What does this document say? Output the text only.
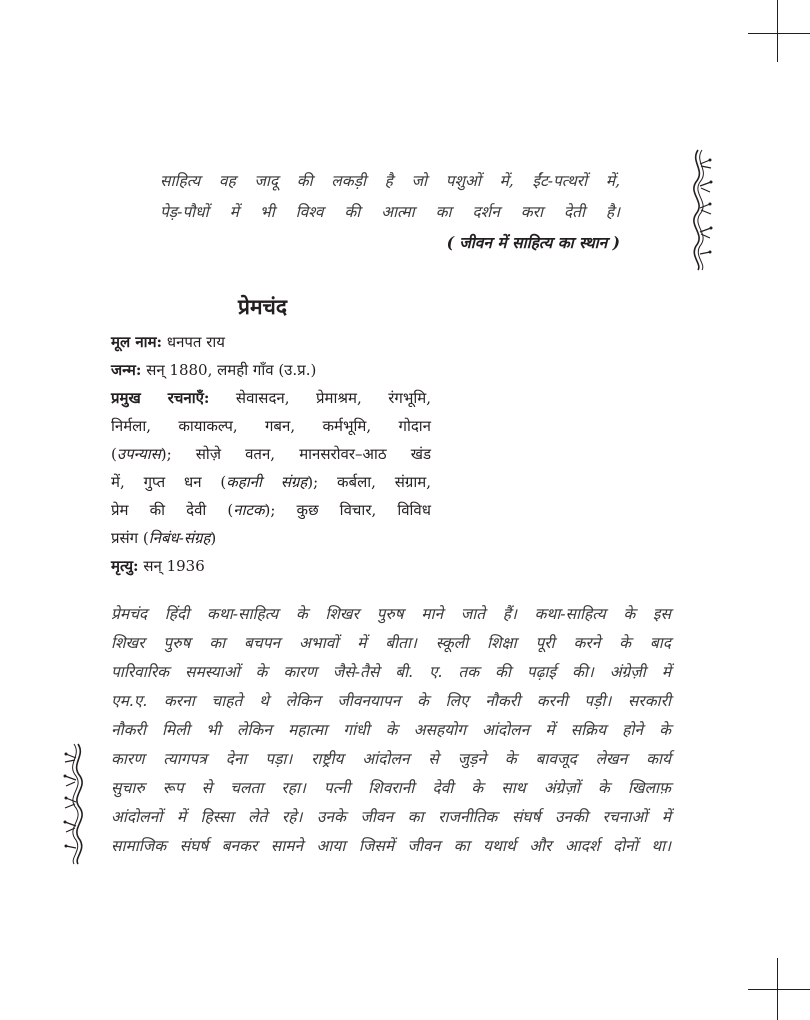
साहित्य वह जादू की लकड़ी है जो पशुओं में, ईंट-पत्थरों में,
पेड़-पौधों में भी विश्व की आत्मा का दर्शन करा देती है।
( जीवन में साहित्य का स्थान )
प्रेमचंद
मूल नाम: धनपत राय
जन्म: सन् 1880, लमही गाँव (उ.प्र.)
प्रमुख रचनाएँ: सेवासदन, प्रेमाश्रम, रंगभूमि,
निर्मला, कायाकल्प, गबन, कर्मभूमि, गोदान
(उपन्यास); सोज़े वतन, मानसरोवर–आठ खंड
में, गुप्त धन (कहानी संग्रह); कर्बला, संग्राम,
प्रेम की देवी (नाटक); कुछ विचार, विविध
प्रसंग (निबंध-संग्रह)
मृत्यु: सन् 1936
प्रेमचंद हिंदी कथा-साहित्य के शिखर पुरुष माने जाते हैं। कथा-साहित्य के इस
शिखर पुरुष का बचपन अभावों में बीता। स्कूली शिक्षा पूरी करने के बाद
पारिवारिक समस्याओं के कारण जैसे-तैसे बी. ए. तक की पढ़ाई की। अंग्रेज़ी में
एम.ए. करना चाहते थे लेकिन जीवनयापन के लिए नौकरी करनी पड़ी। सरकारी
नौकरी मिली भी लेकिन महात्मा गांधी के असहयोग आंदोलन में सक्रिय होने के
कारण त्यागपत्र देना पड़ा। राष्ट्रीय आंदोलन से जुड़ने के बावजूद लेखन कार्य
सुचारु रूप से चलता रहा। पत्नी शिवरानी देवी के साथ अंग्रेज़ों के खिलाफ़
आंदोलनों में हिस्सा लेते रहे। उनके जीवन का राजनीतिक संघर्ष उनकी रचनाओं में
सामाजिक संघर्ष बनकर सामने आया जिसमें जीवन का यथार्थ और आदर्श दोनों था।
